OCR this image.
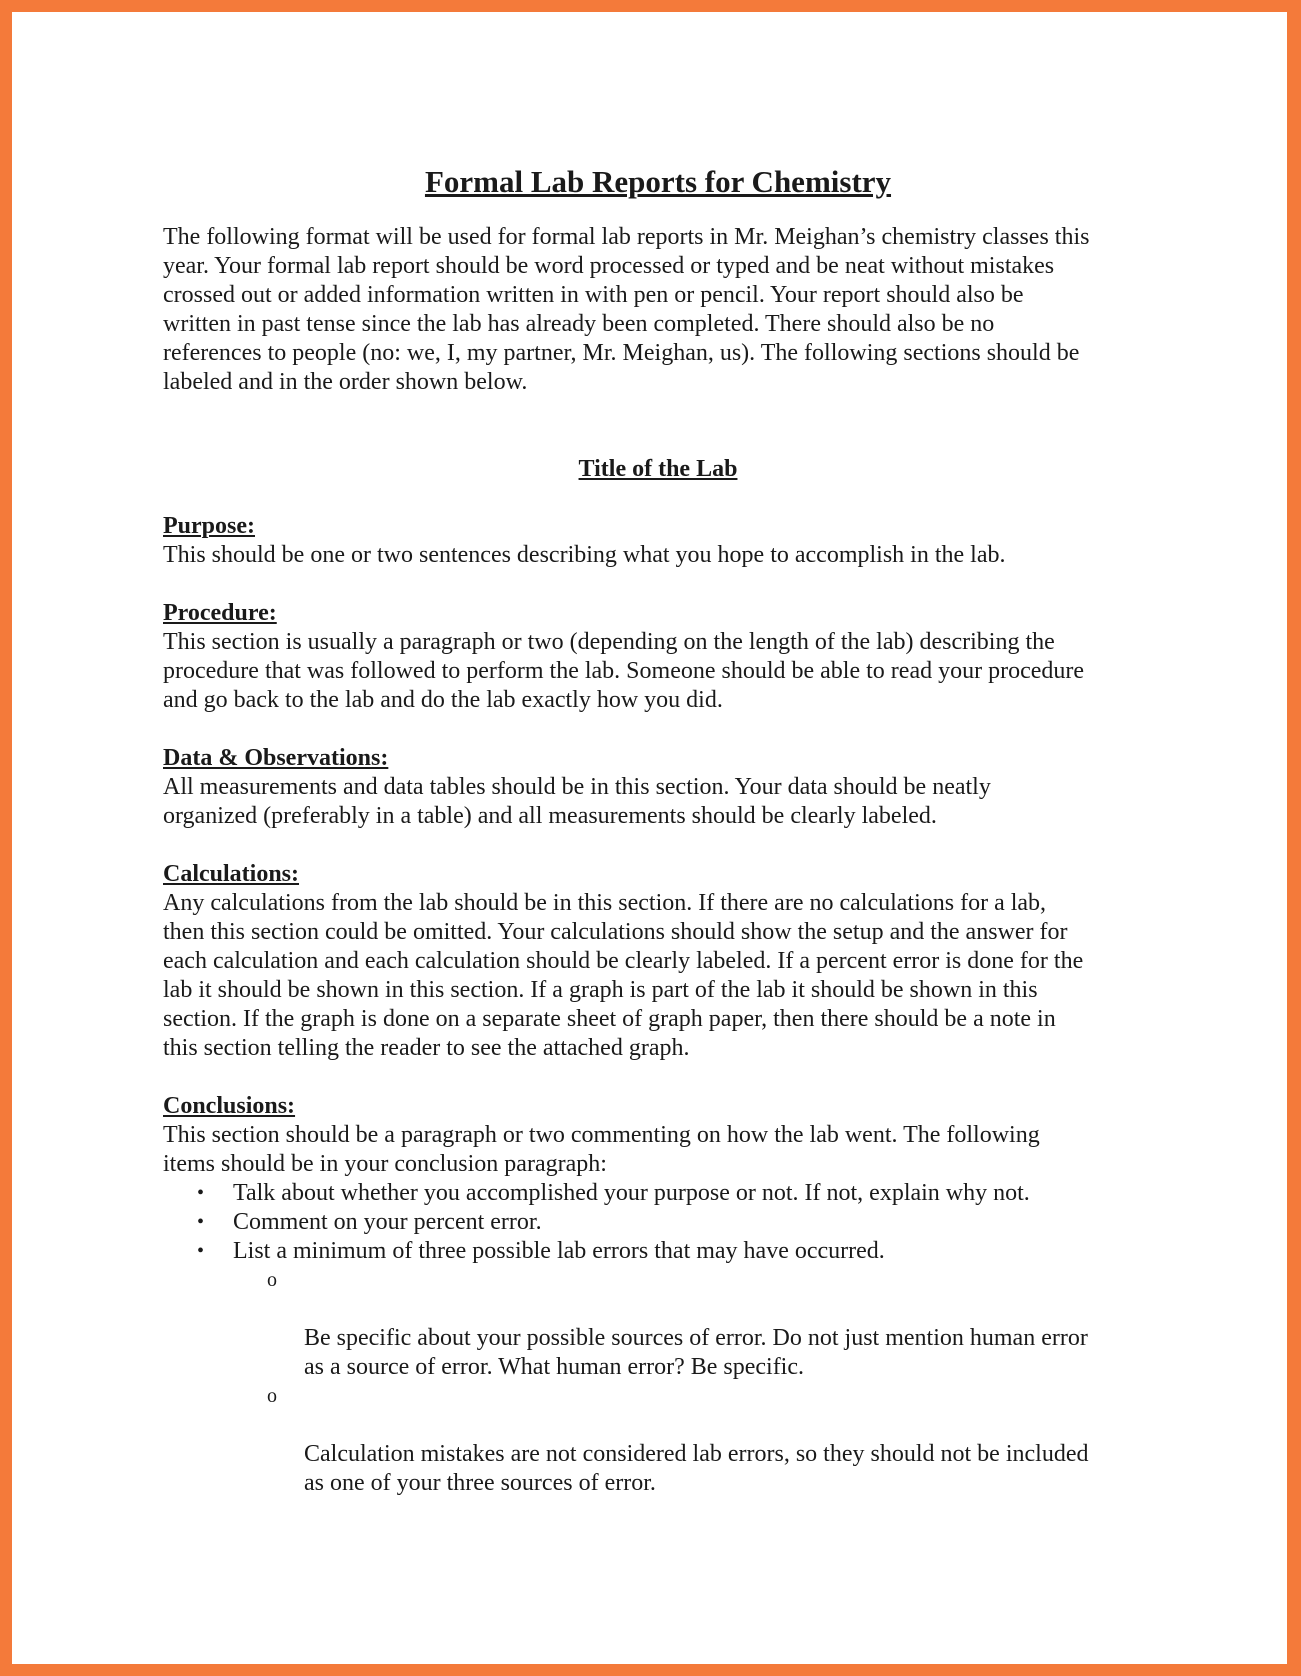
Formal Lab Reports for Chemistry

The following format will be used for formal lab reports in Mr. Meighan’s chemistry classes this
year. Your formal lab report should be word processed or typed and be neat without mistakes
crossed out or added information written in with pen or pencil. Your report should also be
written in past tense since the lab has already been completed. There should also be no
references to people (no: we, I, my partner, Mr. Meighan, us). The following sections should be
labeled and in the order shown below.

Title of the Lab
Purpose:

This should be one or two sentences describing what you hope to accomplish in the lab.

Procedure:

This section is usually a paragraph or two (depending on the length of the lab) describing the
procedure that was followed to perform the lab. Someone should be able to read your procedure
and go back to the lab and do the lab exactly how you did.

Data & Observations:

All measurements and data tables should be in this section. Your data should be neatly
organized (preferably in a table) and all measurements should be clearly labeled.

Calculations:

Any calculations from the lab should be in this section. If there are no calculations for a lab,
then this section could be omitted. Your calculations should show the setup and the answer for
each calculation and each calculation should be clearly labeled. If a percent error is done for the
lab it should be shown in this section. If a graph is part of the lab it should be shown in this
section. If the graph is done on a separate sheet of graph paper, then there should be a note in
this section telling the reader to see the attached graph.

Conclusions:

This section should be a paragraph or two commenting on how the lab went. The following
items should be in your conclusion paragraph:

• Talk about whether you accomplished your purpose or not. If not, explain why not.
• Comment on your percent error.
• List a minimum of three possible lab errors that may have occurred.

o

Be specific about your possible sources of error. Do not just mention human error
as a source of error. What human error? Be specific.

o

Calculation mistakes are not considered lab errors, so they should not be included
as one of your three sources of error.
